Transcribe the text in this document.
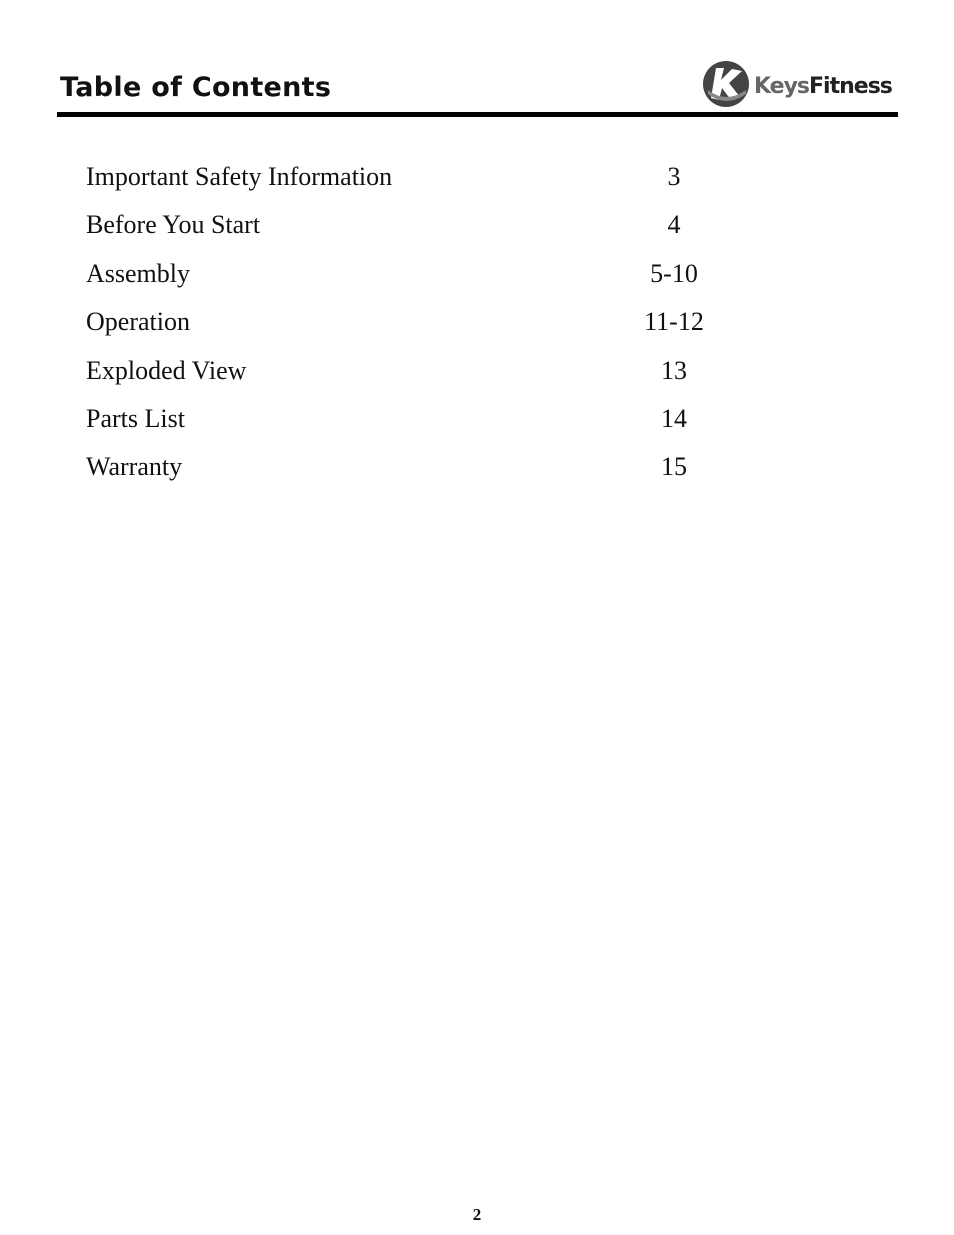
Table of Contents	KeysFitness
Important Safety Information	3
Before You Start	4
Assembly	5-10
Operation	11-12
Exploded View	13
Parts List	14
Warranty	15
2
